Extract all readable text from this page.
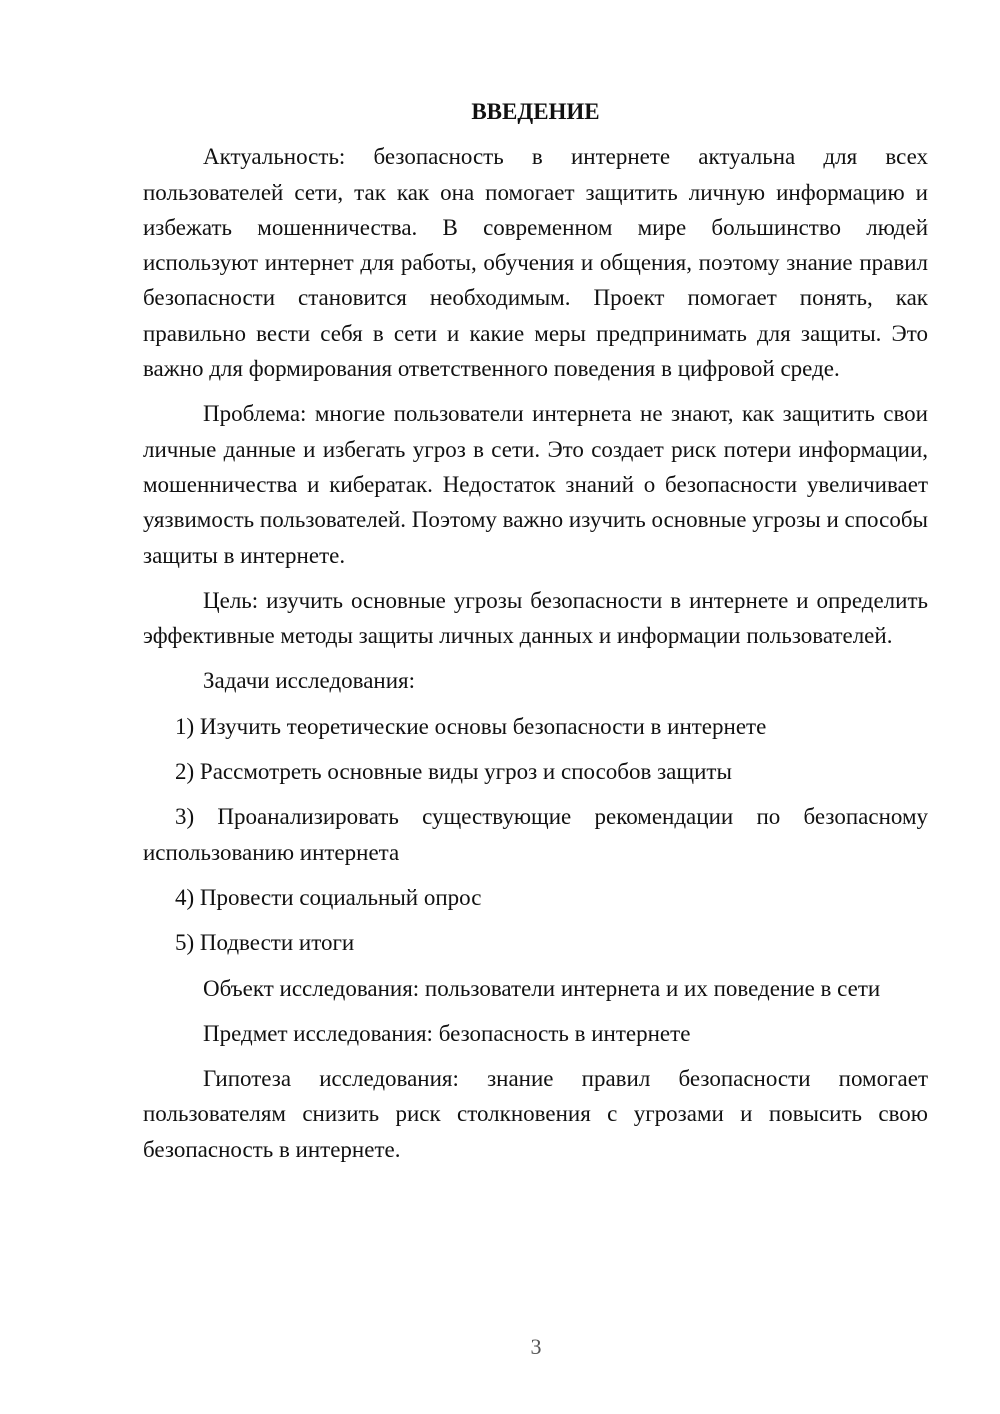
ВВЕДЕНИЕ
Актуальность: безопасность в интернете актуальна для всех пользователей сети, так как она помогает защитить личную информацию и избежать мошенничества. В современном мире большинство людей используют интернет для работы, обучения и общения, поэтому знание правил безопасности становится необходимым. Проект помогает понять, как правильно вести себя в сети и какие меры предпринимать для защиты. Это важно для формирования ответственного поведения в цифровой среде.
Проблема: многие пользователи интернета не знают, как защитить свои личные данные и избегать угроз в сети. Это создает риск потери информации, мошенничества и кибератак. Недостаток знаний о безопасности увеличивает уязвимость пользователей. Поэтому важно изучить основные угрозы и способы защиты в интернете.
Цель: изучить основные угрозы безопасности в интернете и определить эффективные методы защиты личных данных и информации пользователей.
Задачи исследования:
1) Изучить теоретические основы безопасности в интернете
2) Рассмотреть основные виды угроз и способов защиты
3) Проанализировать существующие рекомендации по безопасному использованию интернета
4) Провести социальный опрос
5) Подвести итоги
Объект исследования: пользователи интернета и их поведение в сети
Предмет исследования: безопасность в интернете
Гипотеза исследования: знание правил безопасности помогает пользователям снизить риск столкновения с угрозами и повысить свою безопасность в интернете.
3
